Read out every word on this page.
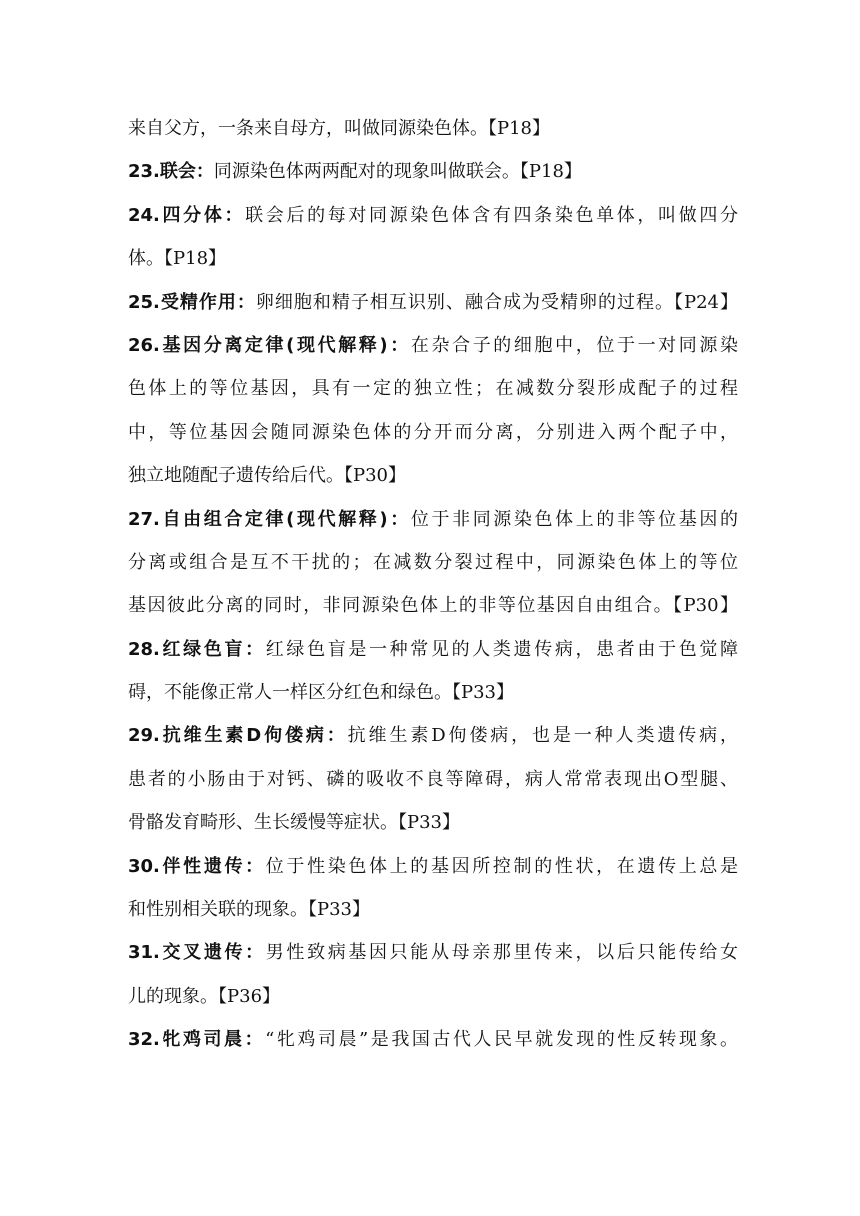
来自父方，一条来自母方，叫做同源染色体。【P18】
23.联会：同源染色体两两配对的现象叫做联会。【P18】
24.四分体：联会后的每对同源染色体含有四条染色单体，叫做四分
体。【P18】
25.受精作用：卵细胞和精子相互识别、融合成为受精卵的过程。【P24】
26.基因分离定律(现代解释)：在杂合子的细胞中，位于一对同源染
色体上的等位基因，具有一定的独立性；在减数分裂形成配子的过程
中，等位基因会随同源染色体的分开而分离，分别进入两个配子中，
独立地随配子遗传给后代。【P30】
27.自由组合定律(现代解释)：位于非同源染色体上的非等位基因的
分离或组合是互不干扰的；在减数分裂过程中，同源染色体上的等位
基因彼此分离的同时，非同源染色体上的非等位基因自由组合。【P30】
28.红绿色盲：红绿色盲是一种常见的人类遗传病，患者由于色觉障
碍，不能像正常人一样区分红色和绿色。【P33】
29.抗维生素D佝偻病：抗维生素D佝偻病，也是一种人类遗传病，
患者的小肠由于对钙、磷的吸收不良等障碍，病人常常表现出O型腿、
骨骼发育畸形、生长缓慢等症状。【P33】
30.伴性遗传：位于性染色体上的基因所控制的性状，在遗传上总是
和性别相关联的现象。【P33】
31.交叉遗传：男性致病基因只能从母亲那里传来，以后只能传给女
儿的现象。【P36】
32.牝鸡司晨：“牝鸡司晨”是我国古代人民早就发现的性反转现象。
